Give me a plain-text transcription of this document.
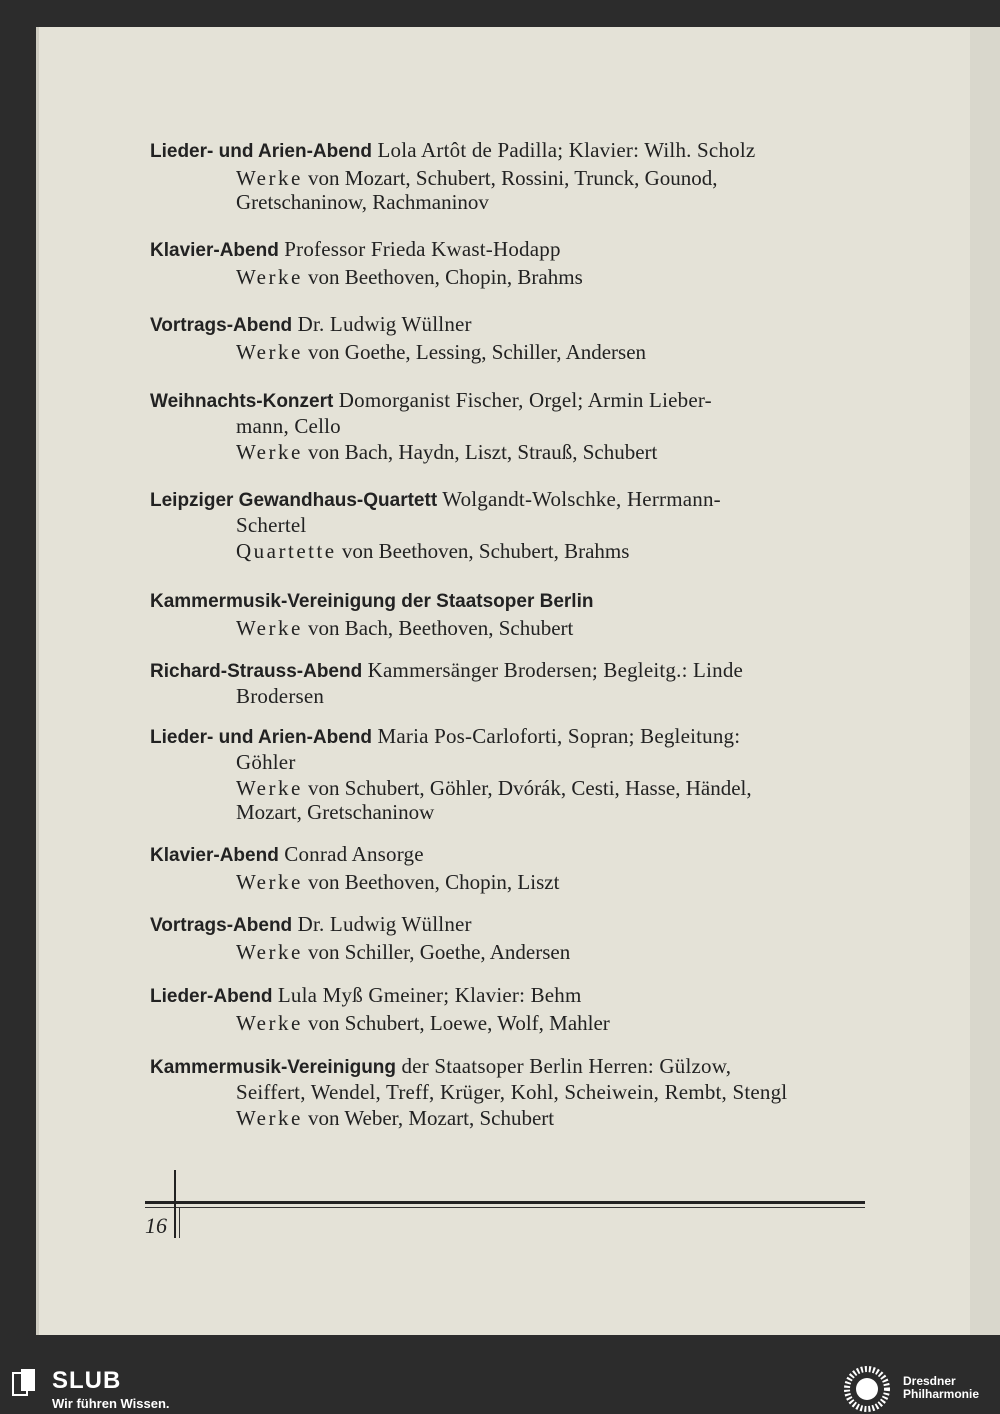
Lieder- und Arien-Abend Lola Artôt de Padilla; Klavier: Wilh. Scholz
Werke von Mozart, Schubert, Rossini, Trunck, Gounod,
Gretschaninow, Rachmaninov
Klavier-Abend Professor Frieda Kwast-Hodapp
Werke von Beethoven, Chopin, Brahms
Vortrags-Abend Dr. Ludwig Wüllner
Werke von Goethe, Lessing, Schiller, Andersen
Weihnachts-Konzert Domorganist Fischer, Orgel; Armin Lieber-
mann, Cello
Werke von Bach, Haydn, Liszt, Strauß, Schubert
Leipziger Gewandhaus-Quartett Wolgandt-Wolschke, Herrmann-
Schertel
Quartette von Beethoven, Schubert, Brahms
Kammermusik-Vereinigung der Staatsoper Berlin
Werke von Bach, Beethoven, Schubert
Richard-Strauss-Abend Kammersänger Brodersen; Begleitg.: Linde
Brodersen
Lieder- und Arien-Abend Maria Pos-Carloforti, Sopran; Begleitung:
Göhler
Werke von Schubert, Göhler, Dvórák, Cesti, Hasse, Händel,
Mozart, Gretschaninow
Klavier-Abend Conrad Ansorge
Werke von Beethoven, Chopin, Liszt
Vortrags-Abend Dr. Ludwig Wüllner
Werke von Schiller, Goethe, Andersen
Lieder-Abend Lula Myß Gmeiner; Klavier: Behm
Werke von Schubert, Loewe, Wolf, Mahler
Kammermusik-Vereinigung der Staatsoper Berlin Herren: Gülzow,
Seiffert, Wendel, Treff, Krüger, Kohl, Scheiwein, Rembt, Stengl
Werke von Weber, Mozart, Schubert
16
SLUB
Wir führen Wissen.
Dresdner
Philharmonie
